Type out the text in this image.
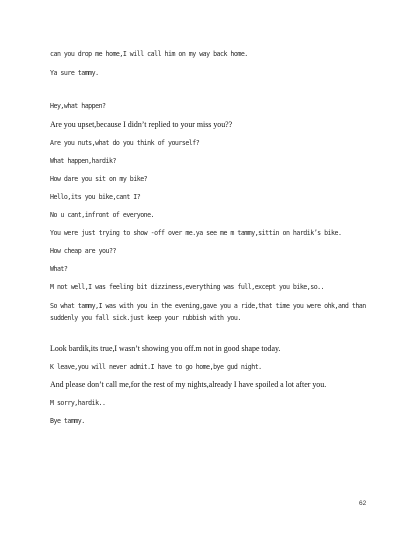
can you drop me home,I will call him on my way back home.
Ya sure tammy.
Hey,what happen?
Are you upset,because I didn’t replied to your miss you??
Are you nuts,what do you think of yourself?
What happen,hardik?
How dare you sit on my bike?
Hello,its you bike,cant I?
No u cant,infront of everyone.
You were just trying to show -off over me.ya see me m tammy,sittin on hardik’s bike.
How cheap are you??
What?
M not well,I was feeling bit dizziness,everything was full,except you bike,so..
So what tammy,I was with you in the evening,gave you a ride,that time you were ohk,and than suddenly you fall sick.just keep your rubbish with you.
Look bardik,its true,I wasn’t showing you off.m not in good shape today.
K leave,you will never admit.I have to go home,bye gud night.
And please don’t call me,for the rest of my nights,already I have spoiled a lot after you.
M sorry,hardik..
Bye tammy.
62
